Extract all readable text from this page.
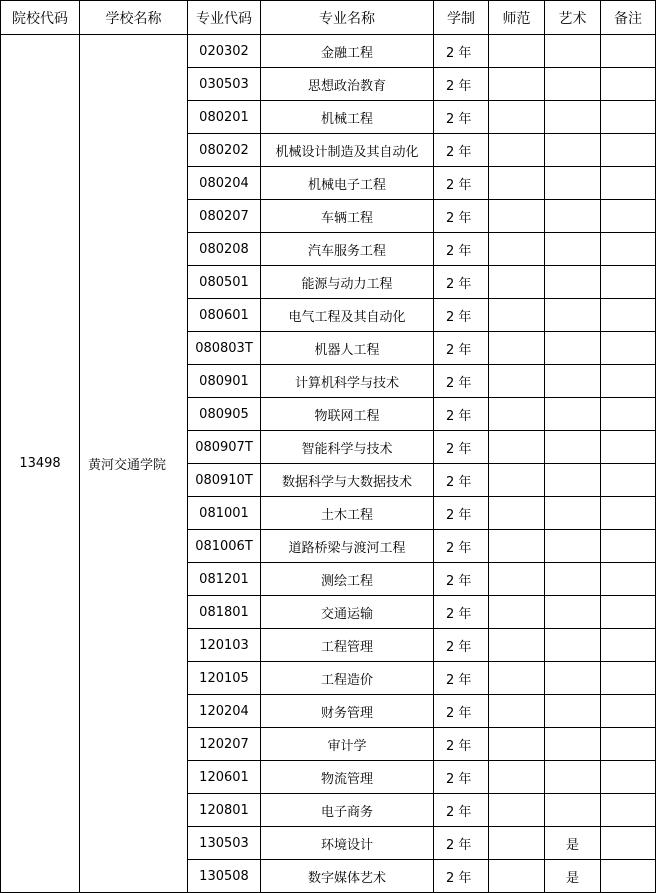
院校代码	学校名称	专业代码	专业名称	学制	师范	艺术	备注
13498	黄河交通学院	020302	金融工程	2 年			
		030503	思想政治教育	2 年			
		080201	机械工程	2 年			
		080202	机械设计制造及其自动化	2 年			
		080204	机械电子工程	2 年			
		080207	车辆工程	2 年			
		080208	汽车服务工程	2 年			
		080501	能源与动力工程	2 年			
		080601	电气工程及其自动化	2 年			
		080803T	机器人工程	2 年			
		080901	计算机科学与技术	2 年			
		080905	物联网工程	2 年			
		080907T	智能科学与技术	2 年			
		080910T	数据科学与大数据技术	2 年			
		081001	土木工程	2 年			
		081006T	道路桥梁与渡河工程	2 年			
		081201	测绘工程	2 年			
		081801	交通运输	2 年			
		120103	工程管理	2 年			
		120105	工程造价	2 年			
		120204	财务管理	2 年			
		120207	审计学	2 年			
		120601	物流管理	2 年			
		120801	电子商务	2 年			
		130503	环境设计	2 年		是	
		130508	数字媒体艺术	2 年		是	
